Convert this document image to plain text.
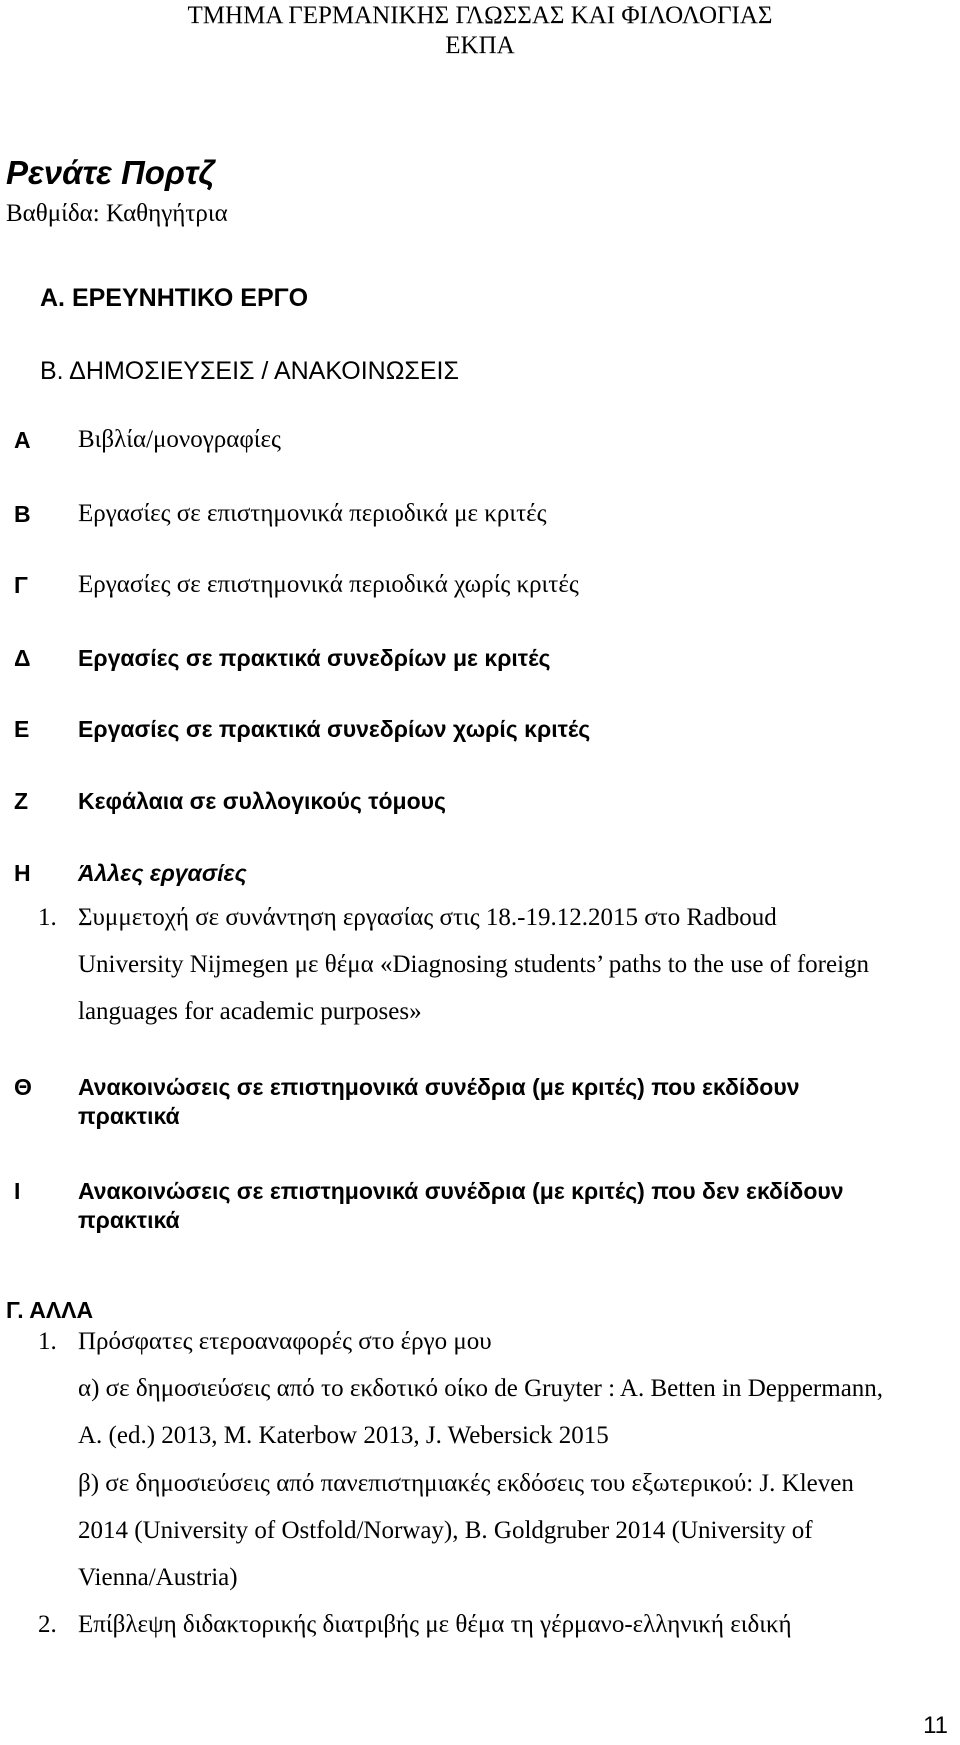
ΤΜΗΜΑ ΓΕΡΜΑΝΙΚΗΣ ΓΛΩΣΣΑΣ ΚΑΙ ΦΙΛΟΛΟΓΙΑΣ
ΕΚΠΑ
Ρενάτε Πορτζ
Βαθμίδα: Καθηγήτρια
Α. ΕΡΕΥΝΗΤΙΚΟ ΕΡΓΟ
Β. ΔΗΜΟΣΙΕΥΣΕΙΣ / ΑΝΑΚΟΙΝΩΣΕΙΣ
Α Βιβλία/μονογραφίες
Β Εργασίες σε επιστημονικά περιοδικά με κριτές
Γ Εργασίες σε επιστημονικά περιοδικά χωρίς κριτές
Δ Εργασίες σε πρακτικά συνεδρίων με κριτές
Ε Εργασίες σε πρακτικά συνεδρίων χωρίς κριτές
Ζ Κεφάλαια σε συλλογικούς τόμους
Η Άλλες εργασίες
1. Συμμετοχή σε συνάντηση εργασίας στις 18.-19.12.2015 στο Radboud
University Nijmegen με θέμα «Diagnosing students’ paths to the use of foreign
languages for academic purposes»
Θ Ανακοινώσεις σε επιστημονικά συνέδρια (με κριτές) που εκδίδουν
πρακτικά
Ι	Ανακοινώσεις σε επιστημονικά συνέδρια (με κριτές) που δεν εκδίδουν
πρακτικά
Γ. ΑΛΛΑ
1. Πρόσφατες ετεροαναφορές στο έργο μου
α) σε δημοσιεύσεις από το εκδοτικό οίκο de Gruyter : A. Betten in Deppermann,
A. (ed.) 2013, M. Katerbow 2013, J. Webersick 2015
β) σε δημοσιεύσεις από πανεπιστημιακές εκδόσεις του εξωτερικού: J. Kleven
2014 (University of Ostfold/Norway), B. Goldgruber 2014 (University of
Vienna/Austria)
2. Επίβλεψη διδακτορικής διατριβής με θέμα τη γέρμανο-ελληνική ειδική
11
